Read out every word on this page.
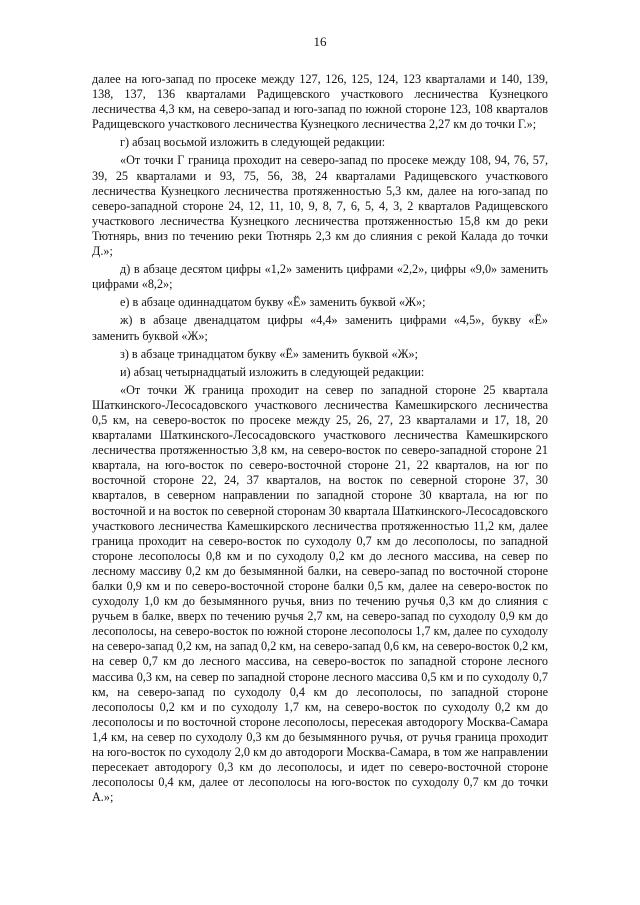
16

далее на юго-запад по просеке между 127, 126, 125, 124, 123 кварталами и 140, 139, 138, 137, 136 кварталами Радищевского участкового лесничества Кузнецкого лесничества 4,3 км, на северо-запад и юго-запад по южной стороне 123, 108 кварталов Радищевского участкового лесничества Кузнецкого лесничества 2,27 км до точки Г.»;

г) абзац восьмой изложить в следующей редакции:

«От точки Г граница проходит на северо-запад по просеке между 108, 94, 76, 57, 39, 25 кварталами и 93, 75, 56, 38, 24 кварталами Радищевского участкового лесничества Кузнецкого лесничества протяженностью 5,3 км, далее на юго-запад по северо-западной стороне 24, 12, 11, 10, 9, 8, 7, 6, 5, 4, 3, 2 кварталов Радищевского участкового лесничества Кузнецкого лесничества протяженностью 15,8 км до реки Тютнярь, вниз по течению реки Тютнярь 2,3 км до слияния с рекой Калада до точки Д.»;

д) в абзаце десятом цифры «1,2» заменить цифрами «2,2», цифры «9,0» заменить цифрами «8,2»;

е) в абзаце одиннадцатом букву «Ё» заменить буквой «Ж»;

ж) в абзаце двенадцатом цифры «4,4» заменить цифрами «4,5», букву «Ё» заменить буквой «Ж»;

з) в абзаце тринадцатом букву «Ё» заменить буквой «Ж»;

и) абзац четырнадцатый изложить в следующей редакции:

«От точки Ж граница проходит на север по западной стороне 25 квартала Шаткинского-Лесосадовского участкового лесничества Камешкирского лесничества 0,5 км, на северо-восток по просеке между 25, 26, 27, 23 кварталами и 17, 18, 20 кварталами Шаткинского-Лесосадовского участкового лесничества Камешкирского лесничества протяженностью 3,8 км, на северо-восток по северо-западной стороне 21 квартала, на юго-восток по северо-восточной стороне 21, 22 кварталов, на юг по восточной стороне 22, 24, 37 кварталов, на восток по северной стороне 37, 30 кварталов, в северном направлении по западной стороне 30 квартала, на юг по восточной и на восток по северной сторонам 30 квартала Шаткинского-Лесосадовского участкового лесничества Камешкирского лесничества протяженностью 11,2 км, далее граница проходит на северо-восток по суходолу 0,7 км до лесополосы, по западной стороне лесополосы 0,8 км и по суходолу 0,2 км до лесного массива, на север по лесному массиву 0,2 км до безымянной балки, на северо-запад по восточной стороне балки 0,9 км и по северо-восточной стороне балки 0,5 км, далее на северо-восток по суходолу 1,0 км до безымянного ручья, вниз по течению ручья 0,3 км до слияния с ручьем в балке, вверх по течению ручья 2,7 км, на северо-запад по суходолу 0,9 км до лесополосы, на северо-восток по южной стороне лесополосы 1,7 км, далее по суходолу на северо-запад 0,2 км, на запад 0,2 км, на северо-запад 0,6 км, на северо-восток 0,2 км, на север 0,7 км до лесного массива, на северо-восток по западной стороне лесного массива 0,3 км, на север по западной стороне лесного массива 0,5 км и по суходолу 0,7 км, на северо-запад по суходолу 0,4 км до лесополосы, по западной стороне лесополосы 0,2 км и по суходолу 1,7 км, на северо-восток по суходолу 0,2 км до лесополосы и по восточной стороне лесополосы, пересекая автодорогу Москва-Самара 1,4 км, на север по суходолу 0,3 км до безымянного ручья, от ручья граница проходит на юго-восток по суходолу 2,0 км до автодороги Москва-Самара, в том же направлении пересекает автодорогу 0,3 км до лесополосы, и идет по северо-восточной стороне лесополосы 0,4 км, далее от лесополосы на юго-восток по суходолу 0,7 км до точки А.»;
